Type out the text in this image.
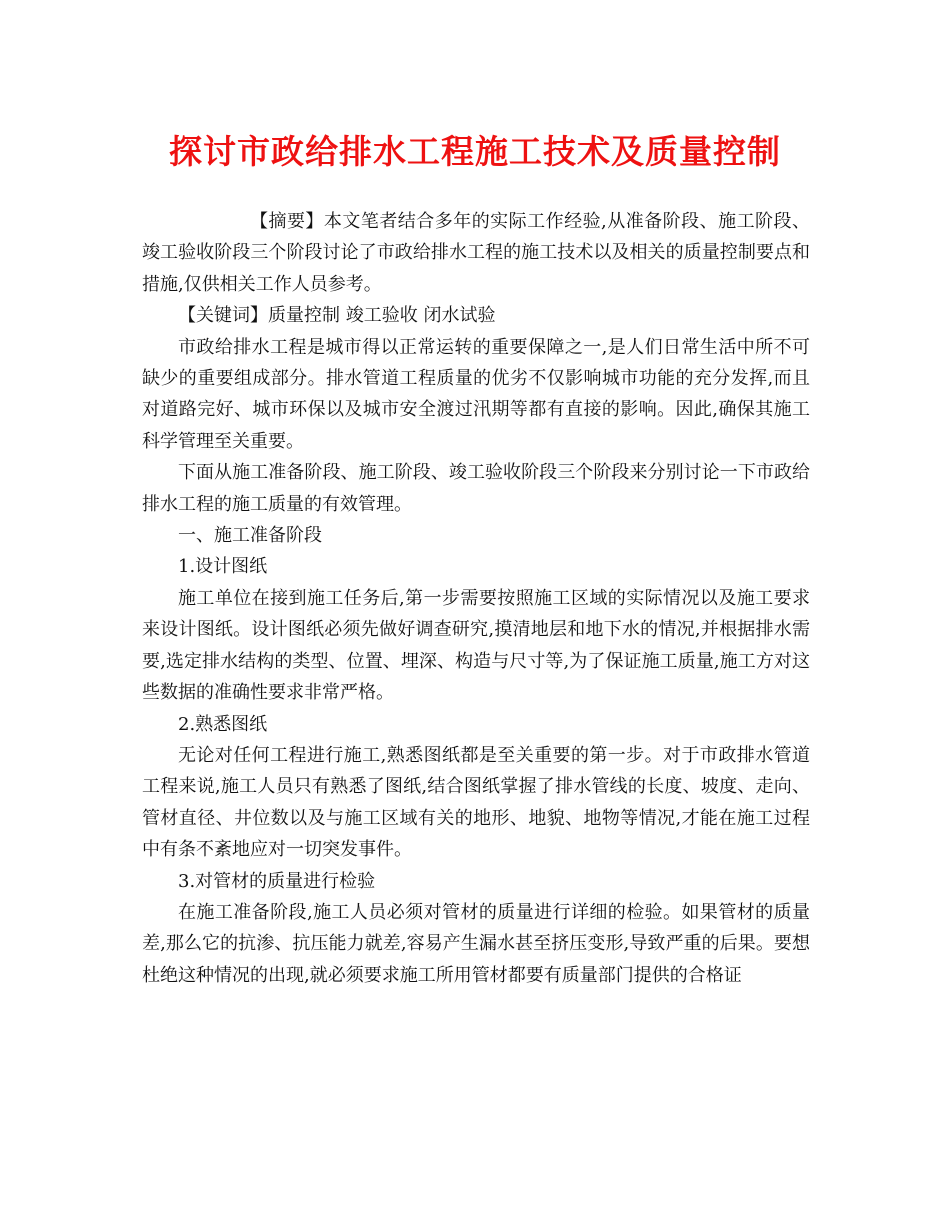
探讨市政给排水工程施工技术及质量控制

【摘要】本文笔者结合多年的实际工作经验,从准备阶段、施工阶段、竣工验收阶段三个阶段讨论了市政给排水工程的施工技术以及相关的质量控制要点和措施,仅供相关工作人员参考。

【关键词】质量控制 竣工验收 闭水试验

市政给排水工程是城市得以正常运转的重要保障之一,是人们日常生活中所不可缺少的重要组成部分。排水管道工程质量的优劣不仅影响城市功能的充分发挥,而且对道路完好、城市环保以及城市安全渡过汛期等都有直接的影响。因此,确保其施工科学管理至关重要。

下面从施工准备阶段、施工阶段、竣工验收阶段三个阶段来分别讨论一下市政给排水工程的施工质量的有效管理。

一、施工准备阶段

1.设计图纸

施工单位在接到施工任务后,第一步需要按照施工区域的实际情况以及施工要求来设计图纸。设计图纸必须先做好调查研究,摸清地层和地下水的情况,并根据排水需要,选定排水结构的类型、位置、埋深、构造与尺寸等,为了保证施工质量,施工方对这些数据的准确性要求非常严格。

2.熟悉图纸

无论对任何工程进行施工,熟悉图纸都是至关重要的第一步。对于市政排水管道工程来说,施工人员只有熟悉了图纸,结合图纸掌握了排水管线的长度、坡度、走向、管材直径、井位数以及与施工区域有关的地形、地貌、地物等情况,才能在施工过程中有条不紊地应对一切突发事件。

3.对管材的质量进行检验

在施工准备阶段,施工人员必须对管材的质量进行详细的检验。如果管材的质量差,那么它的抗渗、抗压能力就差,容易产生漏水甚至挤压变形,导致严重的后果。要想杜绝这种情况的出现,就必须要求施工所用管材都要有质量部门提供的合格证
